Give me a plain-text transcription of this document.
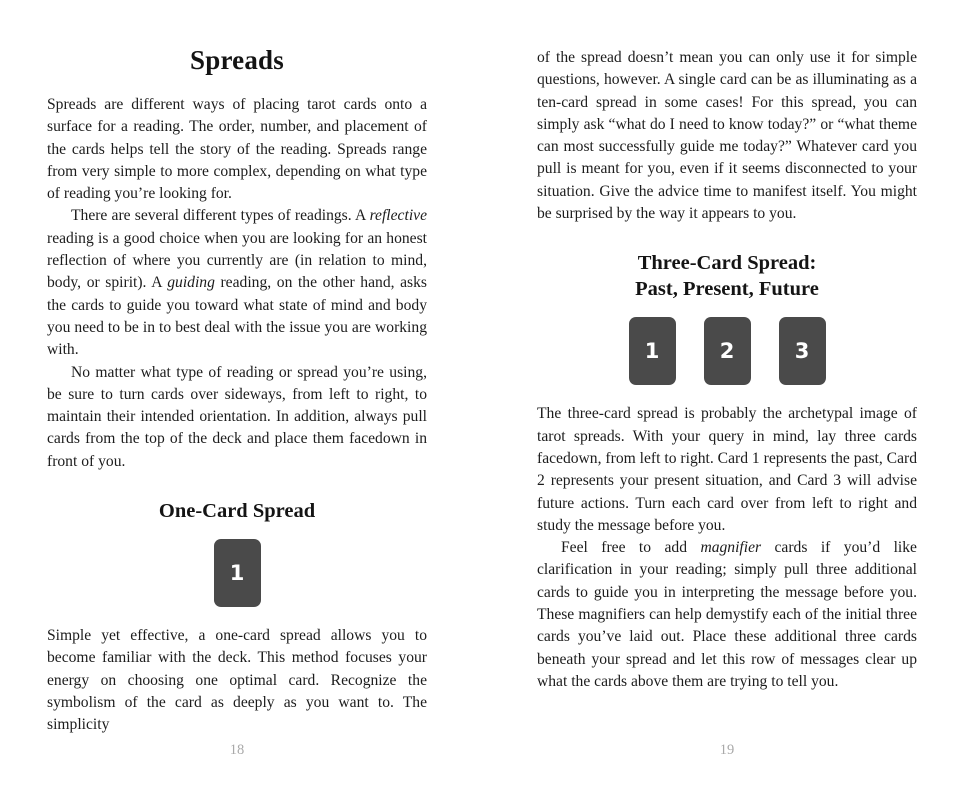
Spreads

Spreads are different ways of placing tarot cards onto a surface for a reading. The order, number, and placement of the cards helps tell the story of the reading. Spreads range from very simple to more complex, depending on what type of reading you’re looking for.

There are several different types of readings. A reflective reading is a good choice when you are looking for an honest reflection of where you currently are (in relation to mind, body, or spirit). A guiding reading, on the other hand, asks the cards to guide you toward what state of mind and body you need to be in to best deal with the issue you are working with.

No matter what type of reading or spread you’re using, be sure to turn cards over sideways, from left to right, to maintain their intended orientation. In addition, always pull cards from the top of the deck and place them facedown in front of you.

One-Card Spread
1

Simple yet effective, a one-card spread allows you to become familiar with the deck. This method focuses your energy on choosing one optimal card. Recognize the symbolism of the card as deeply as you want to. The simplicity

18

of the spread doesn’t mean you can only use it for simple questions, however. A single card can be as illuminating as a ten-card spread in some cases! For this spread, you can simply ask “what do I need to know today?” or “what theme can most successfully guide me today?” Whatever card you pull is meant for you, even if it seems disconnected to your situation. Give the advice time to manifest itself. You might be surprised by the way it appears to you.

Three-Card Spread:
Past, Present, Future
1	2	3

The three-card spread is probably the archetypal image of tarot spreads. With your query in mind, lay three cards facedown, from left to right. Card 1 represents the past, Card 2 represents your present situation, and Card 3 will advise future actions. Turn each card over from left to right and study the message before you.

Feel free to add magnifier cards if you’d like clarification in your reading; simply pull three additional cards to guide you in interpreting the message before you. These magnifiers can help demystify each of the initial three cards you’ve laid out. Place these additional three cards beneath your spread and let this row of messages clear up what the cards above them are trying to tell you.

19
